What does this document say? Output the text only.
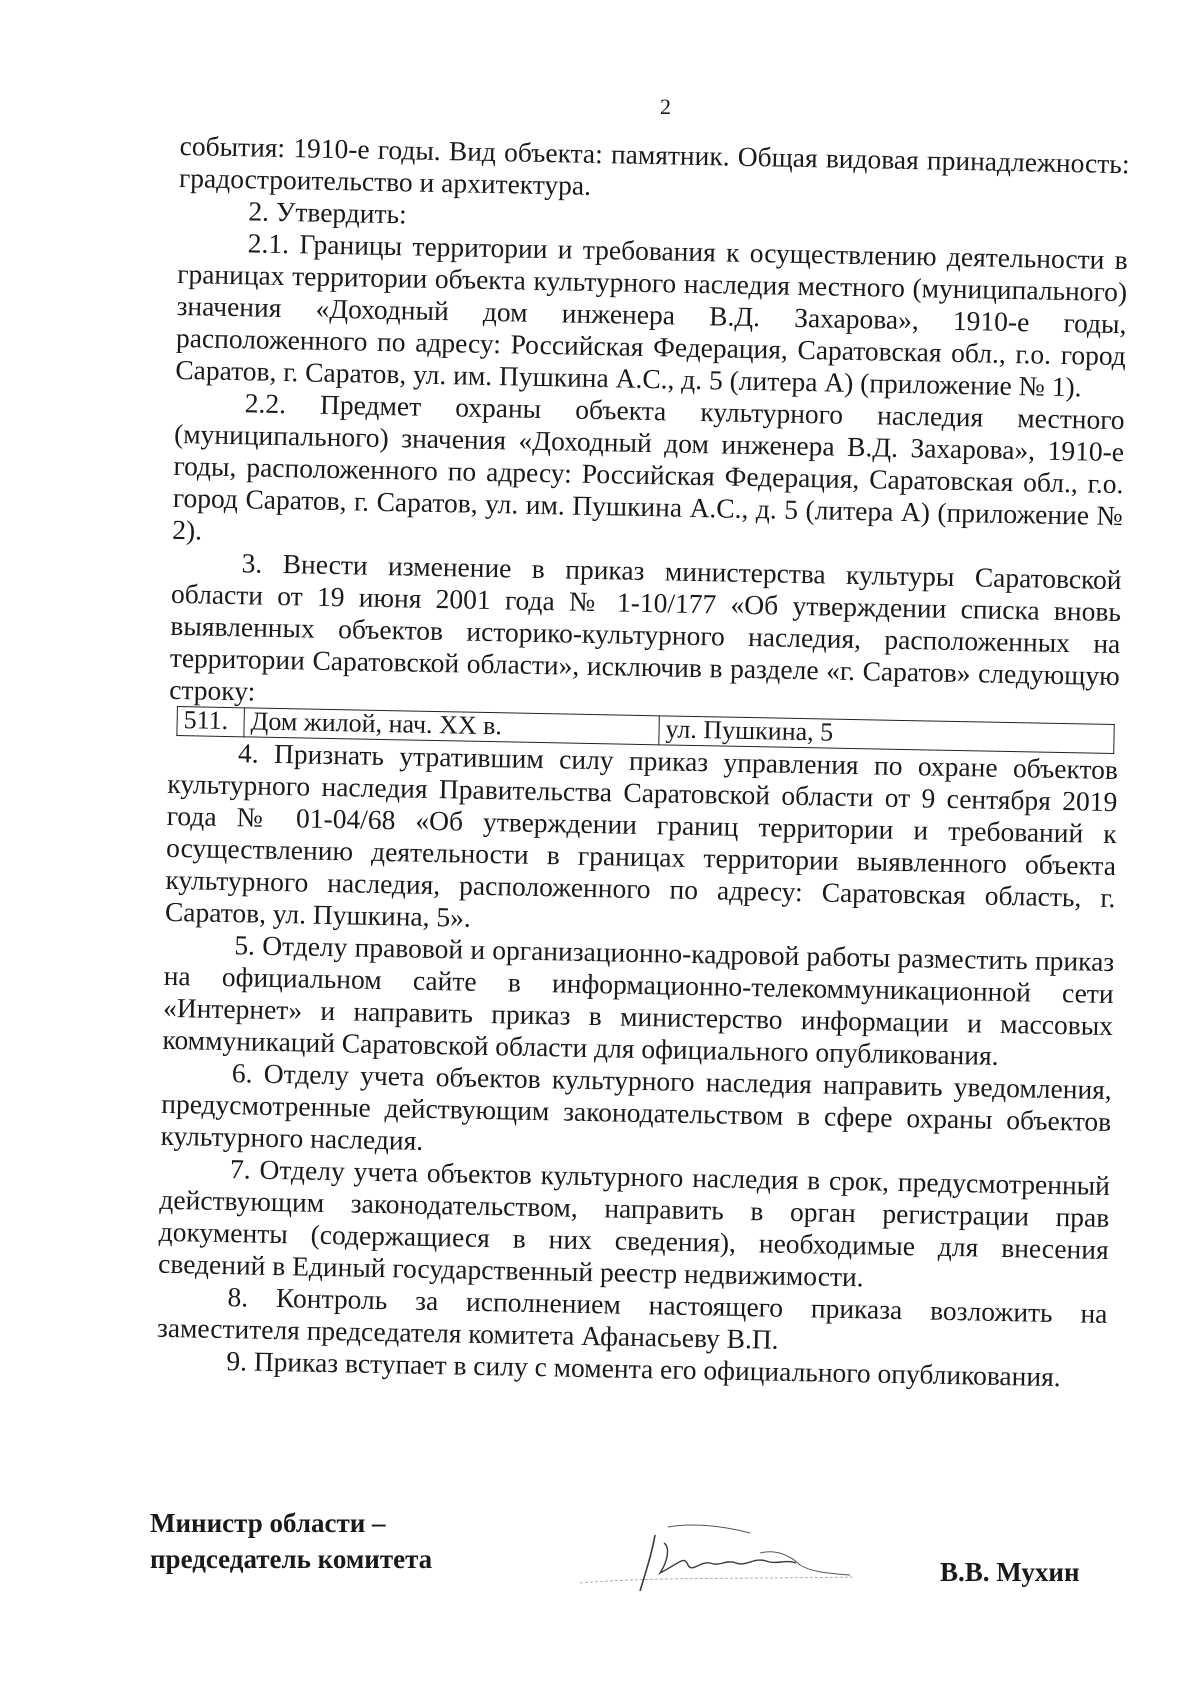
2

события: 1910-е годы. Вид объекта: памятник. Общая видовая принадлежность: градостроительство и архитектура.

2. Утвердить:

2.1. Границы территории и требования к осуществлению деятельности в границах территории объекта культурного наследия местного (муниципального) значения «Доходный дом инженера В.Д. Захарова», 1910-е годы, расположенного по адресу: Российская Федерация, Саратовская обл., г.о. город Саратов, г. Саратов, ул. им. Пушкина А.С., д. 5 (литера А) (приложение № 1).

2.2. Предмет охраны объекта культурного наследия местного (муниципального) значения «Доходный дом инженера В.Д. Захарова», 1910-е годы, расположенного по адресу: Российская Федерация, Саратовская обл., г.о. город Саратов, г. Саратов, ул. им. Пушкина А.С., д. 5 (литера А) (приложение № 2).

3. Внести изменение в приказ министерства культуры Саратовской области от 19 июня 2001 года № 1-10/177 «Об утверждении списка вновь выявленных объектов историко-культурного наследия, расположенных на территории Саратовской области», исключив в разделе «г. Саратов» следующую строку:

511.	Дом жилой, нач. XX в.	ул. Пушкина, 5

4. Признать утратившим силу приказ управления по охране объектов культурного наследия Правительства Саратовской области от 9 сентября 2019 года № 01-04/68 «Об утверждении границ территории и требований к осуществлению деятельности в границах территории выявленного объекта культурного наследия, расположенного по адресу: Саратовская область, г. Саратов, ул. Пушкина, 5».

5. Отделу правовой и организационно-кадровой работы разместить приказ на официальном сайте в информационно-телекоммуникационной сети «Интернет» и направить приказ в министерство информации и массовых коммуникаций Саратовской области для официального опубликования.

6. Отделу учета объектов культурного наследия направить уведомления, предусмотренные действующим законодательством в сфере охраны объектов культурного наследия.

7. Отделу учета объектов культурного наследия в срок, предусмотренный действующим законодательством, направить в орган регистрации прав документы (содержащиеся в них сведения), необходимые для внесения сведений в Единый государственный реестр недвижимости.

8. Контроль за исполнением настоящего приказа возложить на заместителя председателя комитета Афанасьеву В.П.

9. Приказ вступает в силу с момента его официального опубликования.

Министр области –
председатель комитета	В.В. Мухин
